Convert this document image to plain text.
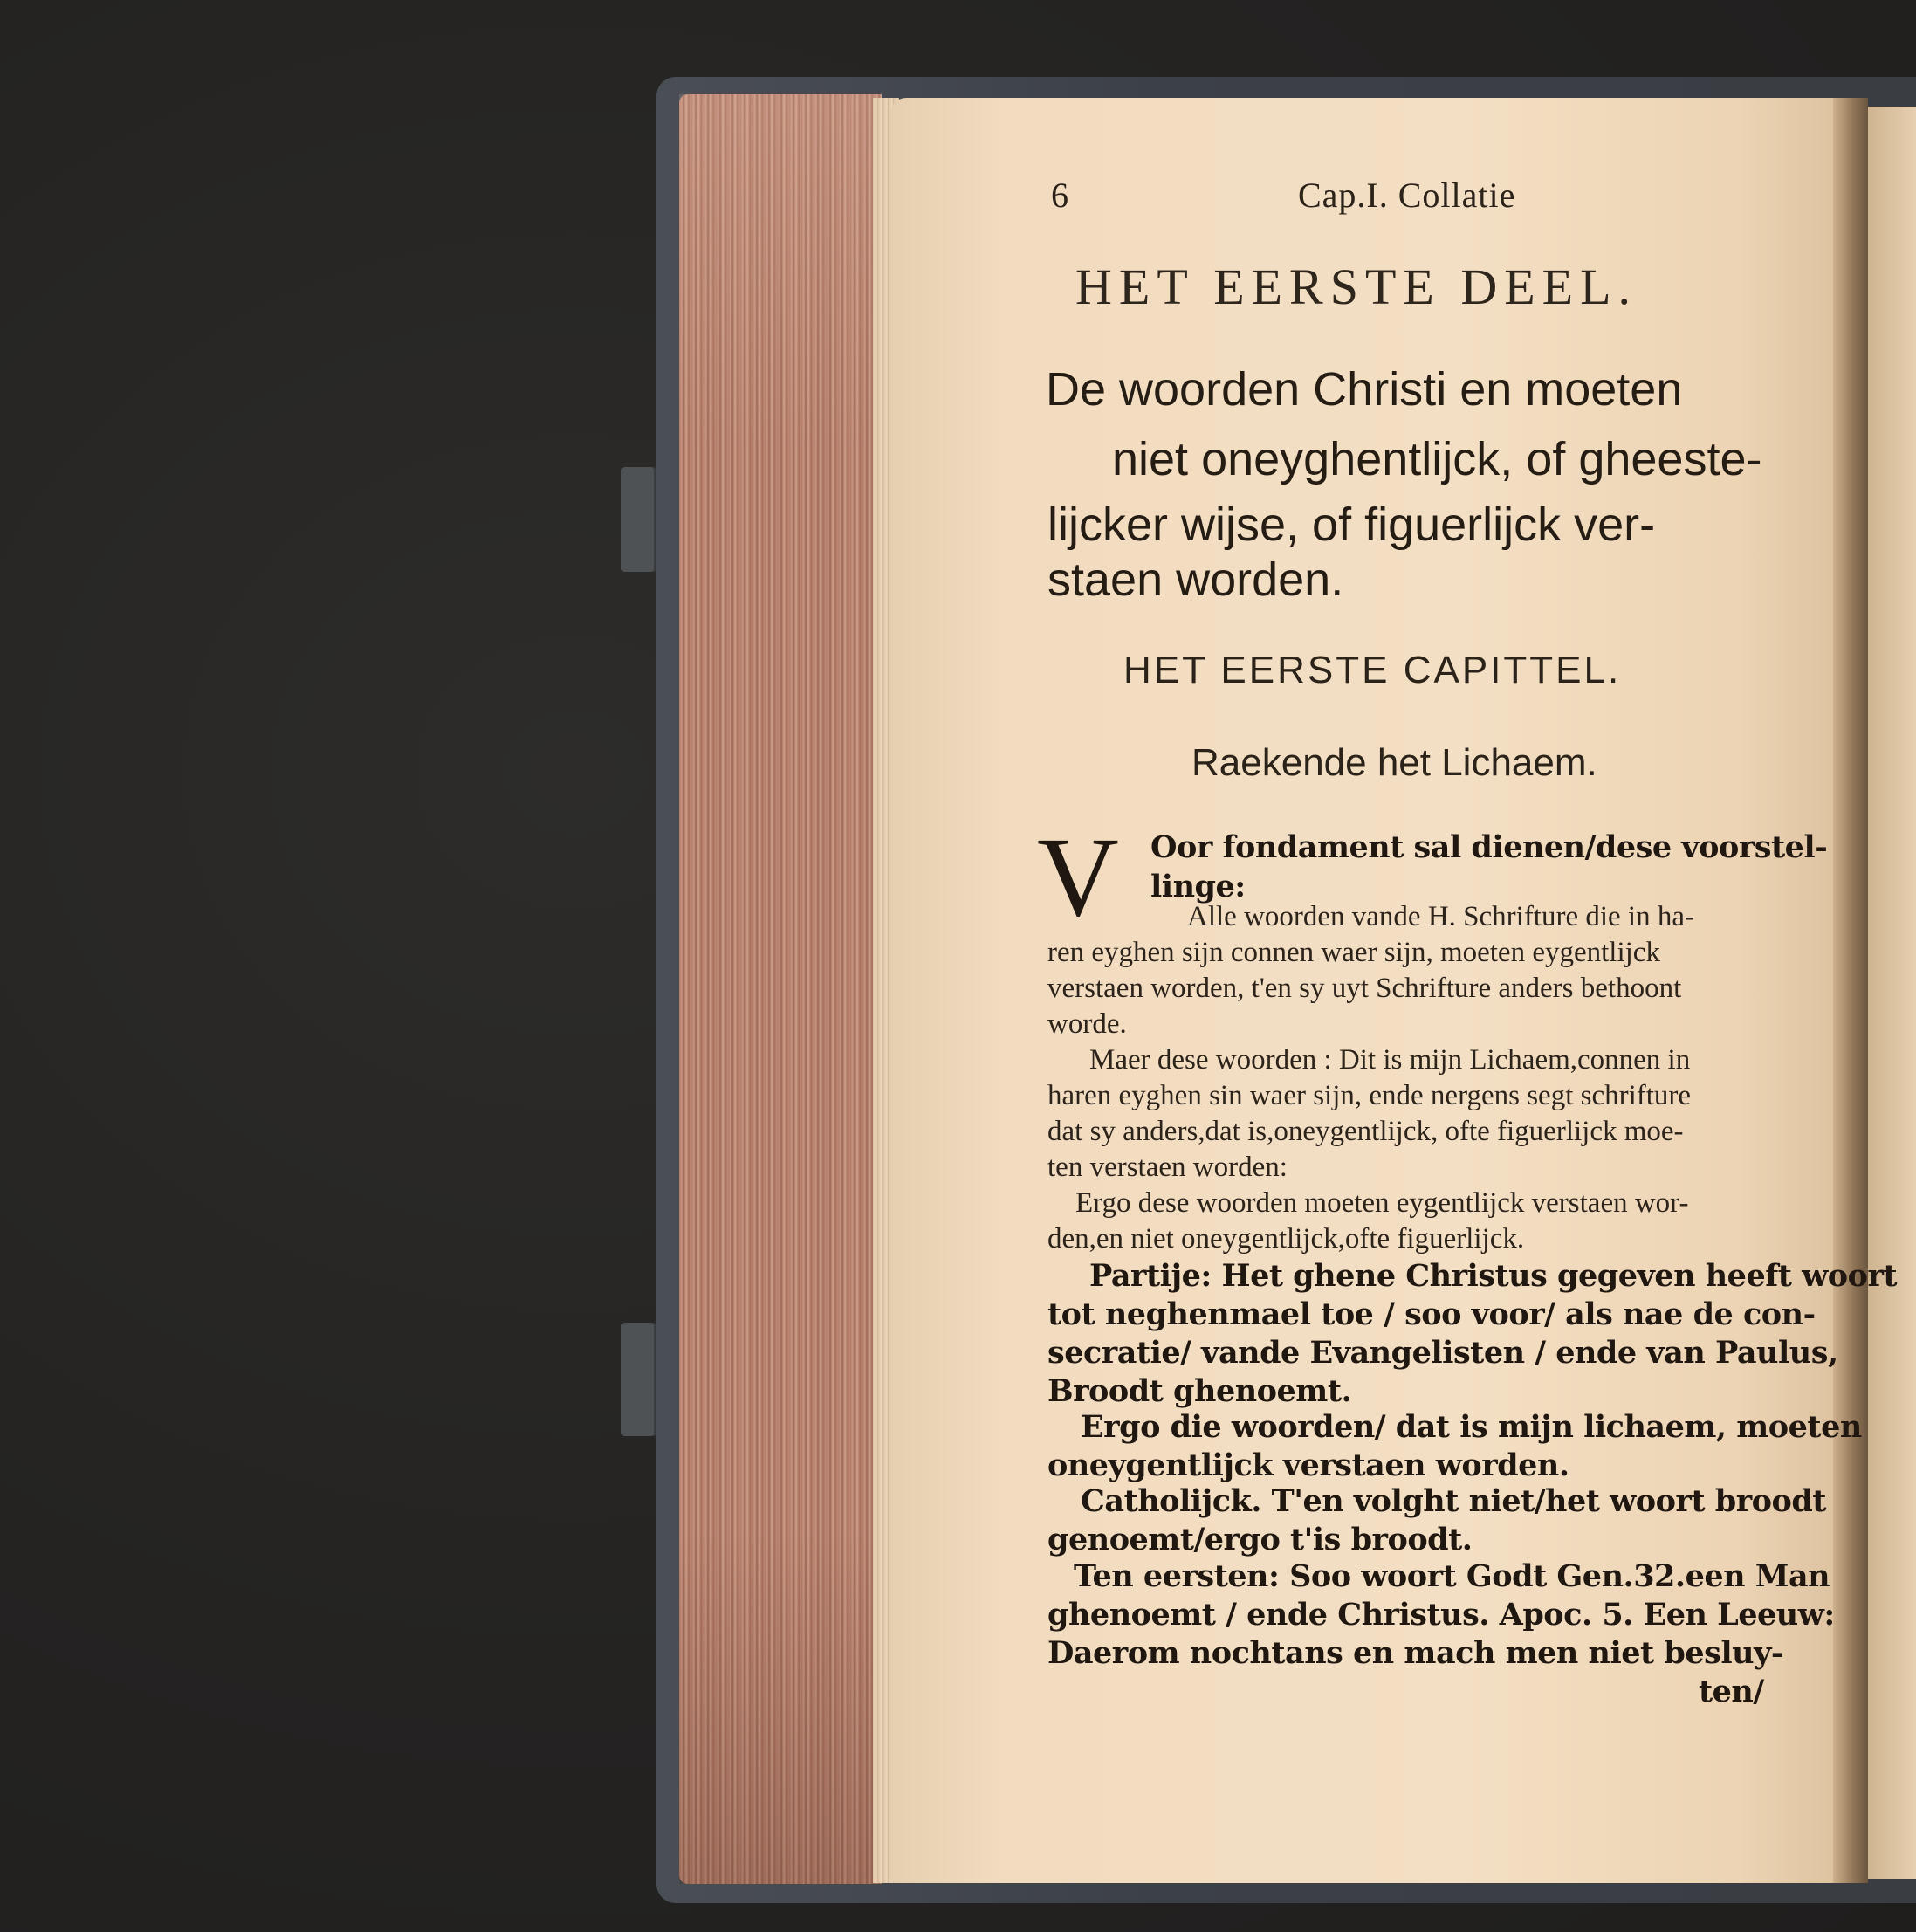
6	Cap.I. Collatie
HET EERSTE DEEL.
De woorden Christi en moeten
niet oneyghentlijck, of gheeste-
lijcker wijse, of figuerlijck ver-
staen worden.
HET EERSTE CAPITTEL.
Raekende het Lichaem.
V Oor fondament sal dienen/dese voorstel-
linge:
Alle woorden vande H. Schrifture die in ha-
ren eyghen sijn connen waer sijn, moeten eygentlijck
verstaen worden, t'en sy uyt Schrifture anders bethoont
worde.
Maer dese woorden : Dit is mijn Lichaem,connen in
haren eyghen sin waer sijn, ende nergens segt schrifture
dat sy anders,dat is,oneygentlijck, ofte figuerlijck moe-
ten verstaen worden:
Ergo dese woorden moeten eygentlijck verstaen wor-
den,en niet oneygentlijck,ofte figuerlijck.
Partije: Het ghene Christus gegeven heeft woort
tot neghenmael toe / soo voor/ als nae de con-
secratie/ vande Evangelisten / ende van Paulus,
Broodt ghenoemt.
Ergo die woorden/ dat is mijn lichaem, moeten
oneygentlijck verstaen worden.
Catholijck. T'en volght niet/het woort broodt
genoemt/ergo t'is broodt.
Ten eersten: Soo woort Godt Gen.32.een Man
ghenoemt / ende Christus. Apoc. 5. Een Leeuw:
Daerom nochtans en mach men niet besluy-
ten/
